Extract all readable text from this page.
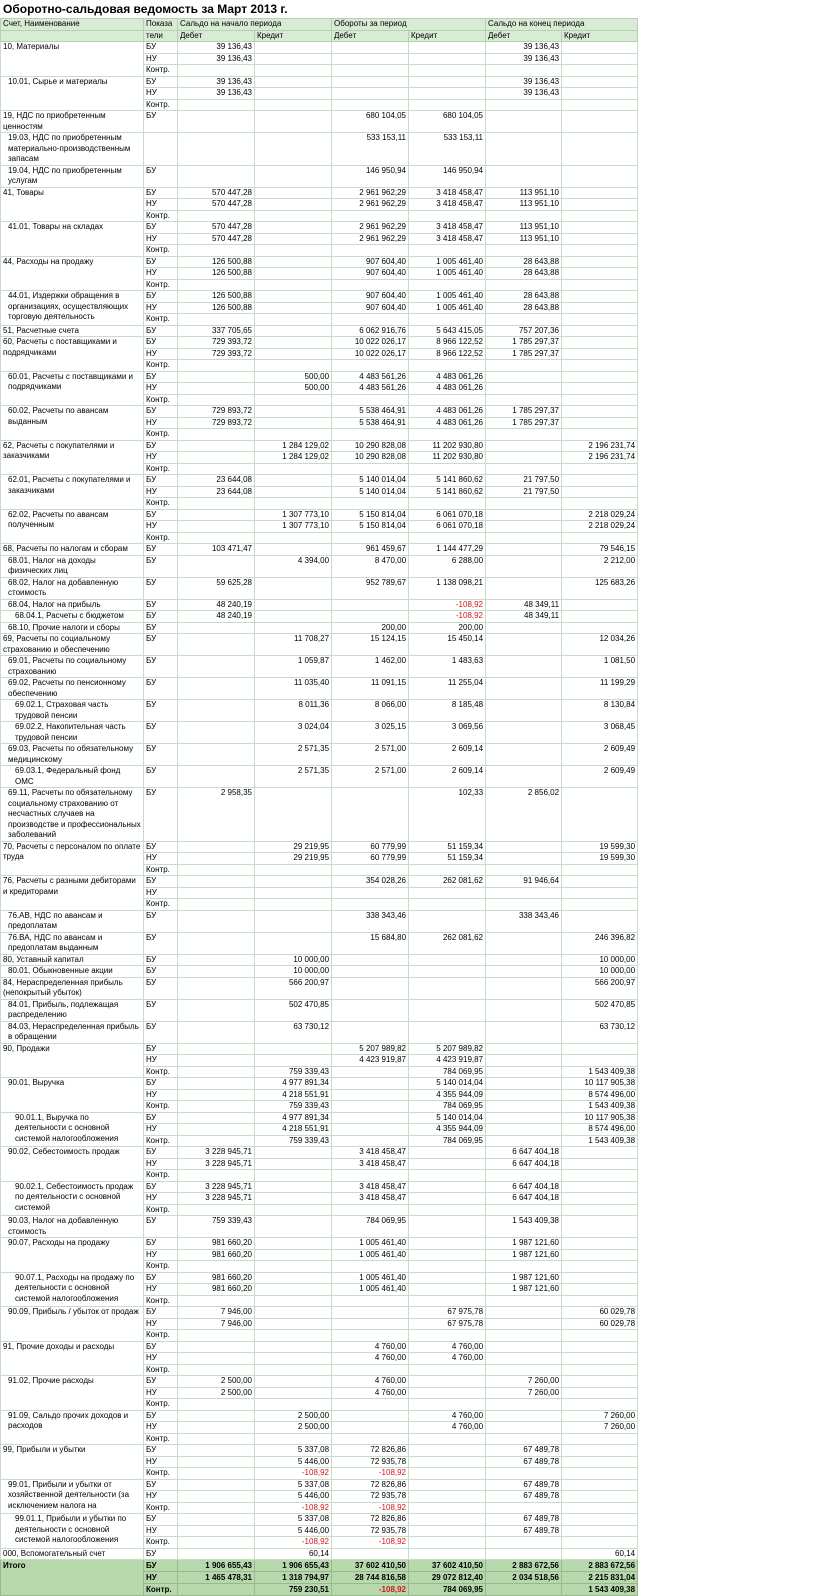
Оборотно-сальдовая ведомость за Март 2013 г.
Счет, Наименование	Показа	Сальдо на начало периода		Обороты за период		Сальдо на конец периода	
	тели	Дебет	Кредит	Дебет	Кредит	Дебет	Кредит
10, Материалы	БУ	39 136,43				39 136,43	
	НУ	39 136,43				39 136,43	
	Контр.						
10.01, Сырье и материалы	БУ	39 136,43				39 136,43	
	НУ	39 136,43				39 136,43	
	Контр.						
19, НДС по приобретенным ценностям	БУ			680 104,05	680 104,05		
19.03, НДС по приобретенным материально-производственным запасам				533 153,11	533 153,11		
19.04, НДС по приобретенным услугам	БУ			146 950,94	146 950,94		
41, Товары	БУ	570 447,28		2 961 962,29	3 418 458,47	113 951,10	
	НУ	570 447,28		2 961 962,29	3 418 458,47	113 951,10	
	Контр.						
41.01, Товары на складах	БУ	570 447,28		2 961 962,29	3 418 458,47	113 951,10	
	НУ	570 447,28		2 961 962,29	3 418 458,47	113 951,10	
	Контр.						
44, Расходы на продажу	БУ	126 500,88		907 604,40	1 005 461,40	28 643,88	
	НУ	126 500,88		907 604,40	1 005 461,40	28 643,88	
	Контр.						
44.01, Издержки обращения в организациях, осуществляющих торговую деятельность	БУ	126 500,88		907 604,40	1 005 461,40	28 643,88	
	НУ	126 500,88		907 604,40	1 005 461,40	28 643,88	
	Контр.						
51, Расчетные счета	БУ	337 705,65		6 062 916,76	5 643 415,05	757 207,36	
60, Расчеты с поставщиками и подрядчиками	БУ	729 393,72		10 022 026,17	8 966 122,52	1 785 297,37	
	НУ	729 393,72		10 022 026,17	8 966 122,52	1 785 297,37	
	Контр.						
60.01, Расчеты с поставщиками и подрядчиками	БУ		500,00	4 483 561,26	4 483 061,26		
	НУ		500,00	4 483 561,26	4 483 061,26		
	Контр.						
60.02, Расчеты по авансам выданным	БУ	729 893,72		5 538 464,91	4 483 061,26	1 785 297,37	
	НУ	729 893,72		5 538 464,91	4 483 061,26	1 785 297,37	
	Контр.						
62, Расчеты с покупателями и заказчиками	БУ		1 284 129,02	10 290 828,08	11 202 930,80		2 196 231,74
	НУ		1 284 129,02	10 290 828,08	11 202 930,80		2 196 231,74
	Контр.						
62.01, Расчеты с покупателями и заказчиками	БУ	23 644,08		5 140 014,04	5 141 860,62	21 797,50	
	НУ	23 644,08		5 140 014,04	5 141 860,62	21 797,50	
	Контр.						
62.02, Расчеты по авансам полученным	БУ		1 307 773,10	5 150 814,04	6 061 070,18		2 218 029,24
	НУ		1 307 773,10	5 150 814,04	6 061 070,18		2 218 029,24
	Контр.						
68, Расчеты по налогам и сборам	БУ	103 471,47		961 459,67	1 144 477,29		79 546,15
68.01, Налог на доходы физических лиц	БУ		4 394,00	8 470,00	6 288,00		2 212,00
68.02, Налог на добавленную стоимость	БУ	59 625,28		952 789,67	1 138 098,21		125 683,26
68.04, Налог на прибыль	БУ	48 240,19			-108,92	48 349,11	
68.04.1, Расчеты с бюджетом	БУ	48 240,19			-108,92	48 349,11	
68.10, Прочие налоги и сборы	БУ			200,00	200,00		
69, Расчеты по социальному страхованию и обеспечению	БУ		11 708,27	15 124,15	15 450,14		12 034,26
69.01, Расчеты по социальному страхованию	БУ		1 059,87	1 462,00	1 483,63		1 081,50
69.02, Расчеты по пенсионному обеспечению	БУ		11 035,40	11 091,15	11 255,04		11 199,29
69.02.1, Страховая часть трудовой пенсии	БУ		8 011,36	8 066,00	8 185,48		8 130,84
69.02.2, Накопительная часть трудовой пенсии	БУ		3 024,04	3 025,15	3 069,56		3 068,45
69.03, Расчеты по обязательному медицинскому	БУ		2 571,35	2 571,00	2 609,14		2 609,49
69.03.1, Федеральный фонд ОМС	БУ		2 571,35	2 571,00	2 609,14		2 609,49
69.11, Расчеты по обязательному социальному страхованию от несчастных случаев на производстве и профессиональных заболеваний	БУ	2 958,35			102,33	2 856,02	
70, Расчеты с персоналом по оплате труда	БУ		29 219,95	60 779,99	51 159,34		19 599,30
	НУ		29 219,95	60 779,99	51 159,34		19 599,30
	Контр.						
76, Расчеты с разными дебиторами и кредиторами	БУ			354 028,26	262 081,62	91 946,64	
	НУ						
	Контр.						
76.АВ, НДС по авансам и предоплатам	БУ			338 343,46		338 343,46	
76.ВА, НДС по авансам и предоплатам выданным	БУ			15 684,80	262 081,62		246 396,82
80, Уставный капитал	БУ		10 000,00				10 000,00
80.01, Обыкновенные акции	БУ		10 000,00				10 000,00
84, Нераспределенная прибыль (непокрытый убыток)	БУ		566 200,97				566 200,97
84.01, Прибыль, подлежащая распределению	БУ		502 470,85				502 470,85
84.03, Нераспределенная прибыль в обращении	БУ		63 730,12				63 730,12
90, Продажи	БУ			5 207 989,82	5 207 989,82		
	НУ			4 423 919,87	4 423 919,87		
	Контр.		759 339,43		784 069,95		1 543 409,38
90.01, Выручка	БУ		4 977 891,34		5 140 014,04		10 117 905,38
	НУ		4 218 551,91		4 355 944,09		8 574 496,00
	Контр.		759 339,43		784 069,95		1 543 409,38
90.01.1, Выручка по деятельности с основной системой налогообложения	БУ		4 977 891,34		5 140 014,04		10 117 905,38
	НУ		4 218 551,91		4 355 944,09		8 574 496,00
	Контр.		759 339,43		784 069,95		1 543 409,38
90.02, Себестоимость продаж	БУ	3 228 945,71		3 418 458,47		6 647 404,18	
	НУ	3 228 945,71		3 418 458,47		6 647 404,18	
	Контр.						
90.02.1, Себестоимость продаж по деятельности с основной системой	БУ	3 228 945,71		3 418 458,47		6 647 404,18	
	НУ	3 228 945,71		3 418 458,47		6 647 404,18	
	Контр.						
90.03, Налог на добавленную стоимость	БУ	759 339,43		784 069,95		1 543 409,38	
90.07, Расходы на продажу	БУ	981 660,20		1 005 461,40		1 987 121,60	
	НУ	981 660,20		1 005 461,40		1 987 121,60	
	Контр.						
90.07.1, Расходы на продажу по деятельности с основной системой налогообложения	БУ	981 660,20		1 005 461,40		1 987 121,60	
	НУ	981 660,20		1 005 461,40		1 987 121,60	
	Контр.						
90.09, Прибыль / убыток от продаж	БУ	7 946,00			67 975,78		60 029,78
	НУ	7 946,00			67 975,78		60 029,78
	Контр.						
91, Прочие доходы и расходы	БУ			4 760,00	4 760,00		
	НУ			4 760,00	4 760,00		
	Контр.						
91.02, Прочие расходы	БУ	2 500,00		4 760,00		7 260,00	
	НУ	2 500,00		4 760,00		7 260,00	
	Контр.						
91.09, Сальдо прочих доходов и расходов	БУ		2 500,00		4 760,00		7 260,00
	НУ		2 500,00		4 760,00		7 260,00
	Контр.						
99, Прибыли и убытки	БУ		5 337,08	72 826,86		67 489,78	
	НУ		5 446,00	72 935,78		67 489,78	
	Контр.		-108,92	-108,92			
99.01, Прибыли и убытки от хозяйственной деятельности (за исключением налога на	БУ		5 337,08	72 826,86		67 489,78	
	НУ		5 446,00	72 935,78		67 489,78	
	Контр.		-108,92	-108,92			
99.01.1, Прибыли и убытки по деятельности с основной системой налогообложения	БУ		5 337,08	72 826,86		67 489,78	
	НУ		5 446,00	72 935,78		67 489,78	
	Контр.		-108,92	-108,92			
000, Вспомогательный счет	БУ		60,14				60,14
Итого	БУ	1 906 655,43	1 906 655,43	37 602 410,50	37 602 410,50	2 883 672,56	2 883 672,56
	НУ	1 465 478,31	1 318 794,97	28 744 816,58	29 072 812,40	2 034 518,56	2 215 831,04
	Контр.		759 230,51	-108,92	784 069,95		1 543 409,38
